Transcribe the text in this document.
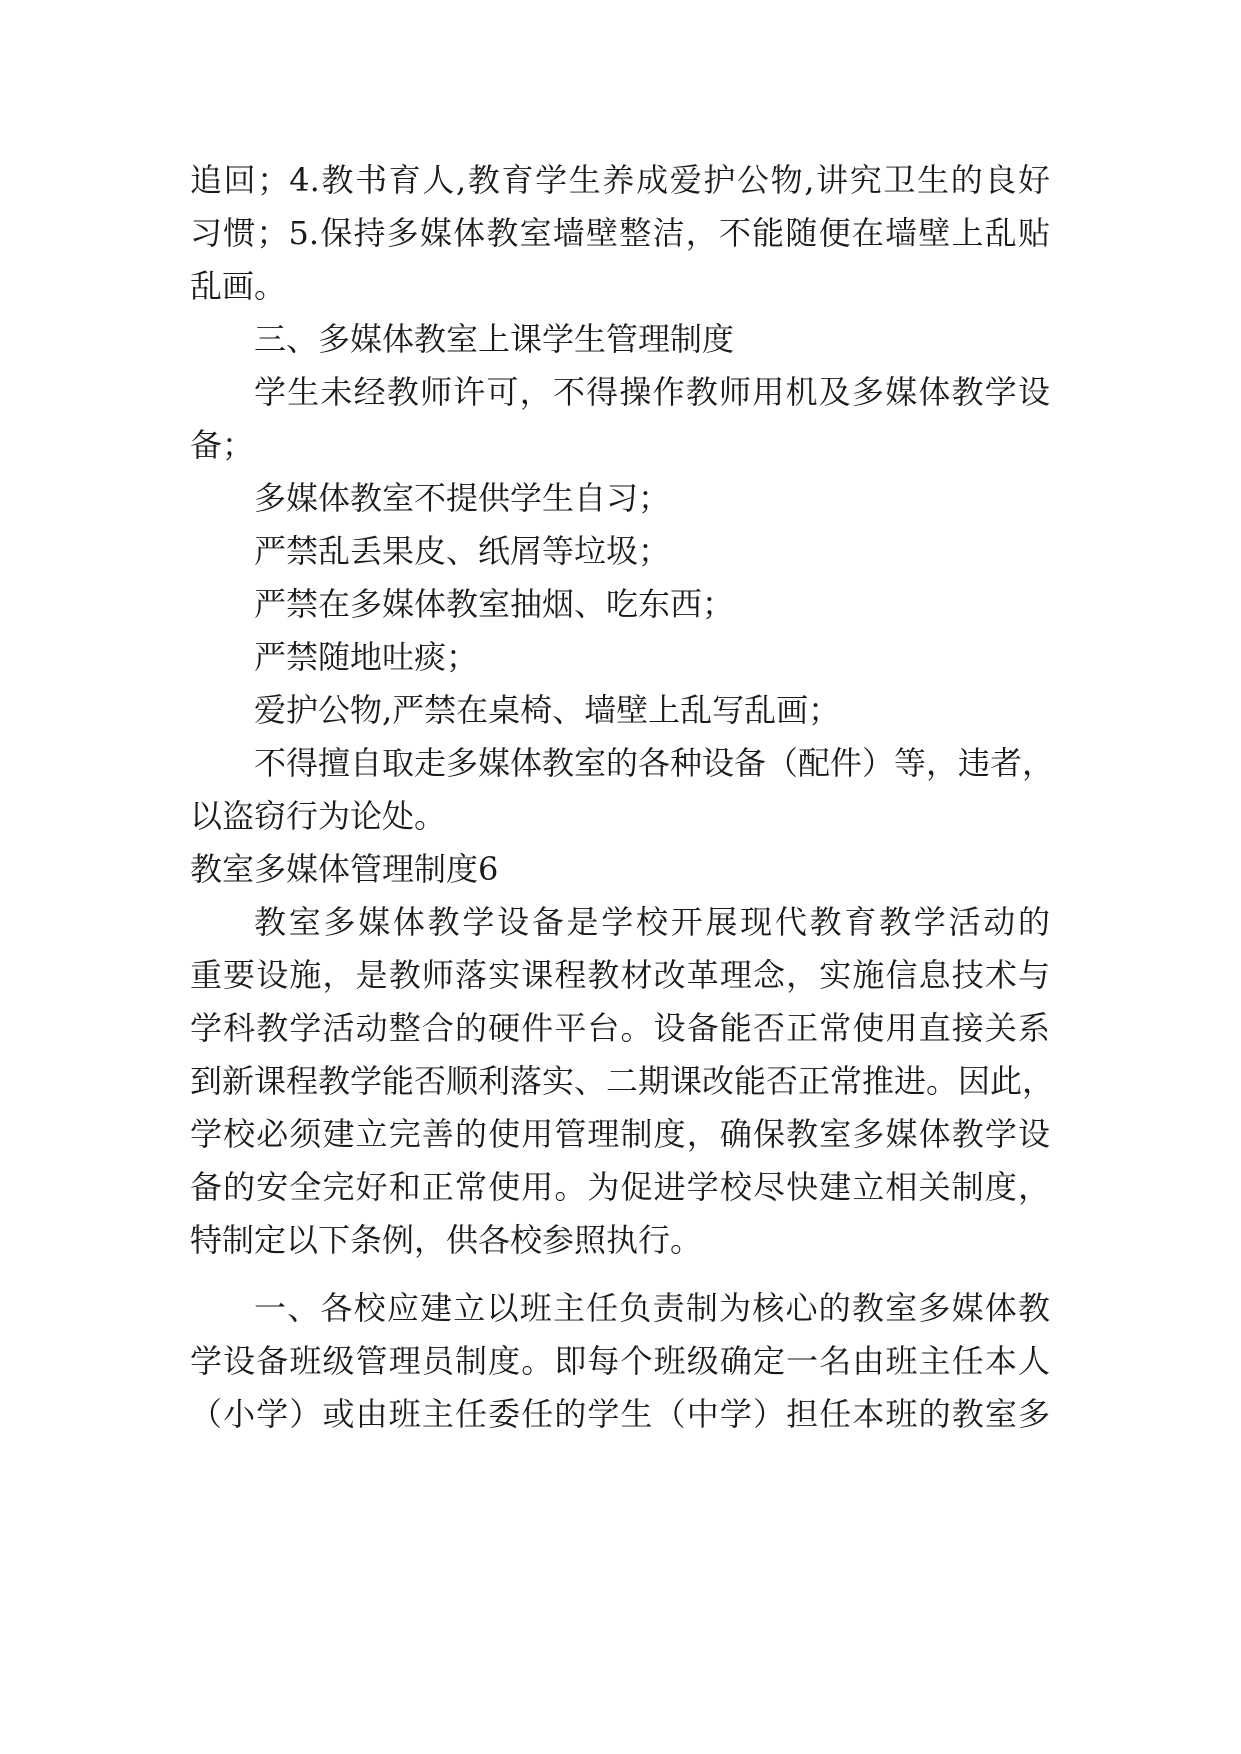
追回；4.教书育人,教育学生养成爱护公物,讲究卫生的良好
习惯；5.保持多媒体教室墙壁整洁，不能随便在墙壁上乱贴
乱画。
三、多媒体教室上课学生管理制度
学生未经教师许可，不得操作教师用机及多媒体教学设
备；
多媒体教室不提供学生自习；
严禁乱丢果皮、纸屑等垃圾；
严禁在多媒体教室抽烟、吃东西；
严禁随地吐痰；
爱护公物,严禁在桌椅、墙壁上乱写乱画；
不得擅自取走多媒体教室的各种设备（配件）等，违者，
以盗窃行为论处。
教室多媒体管理制度6
教室多媒体教学设备是学校开展现代教育教学活动的
重要设施，是教师落实课程教材改革理念，实施信息技术与
学科教学活动整合的硬件平台。设备能否正常使用直接关系
到新课程教学能否顺利落实、二期课改能否正常推进。因此，
学校必须建立完善的使用管理制度，确保教室多媒体教学设
备的安全完好和正常使用。为促进学校尽快建立相关制度，
特制定以下条例，供各校参照执行。
一、各校应建立以班主任负责制为核心的教室多媒体教
学设备班级管理员制度。即每个班级确定一名由班主任本人
（小学）或由班主任委任的学生（中学）担任本班的教室多
